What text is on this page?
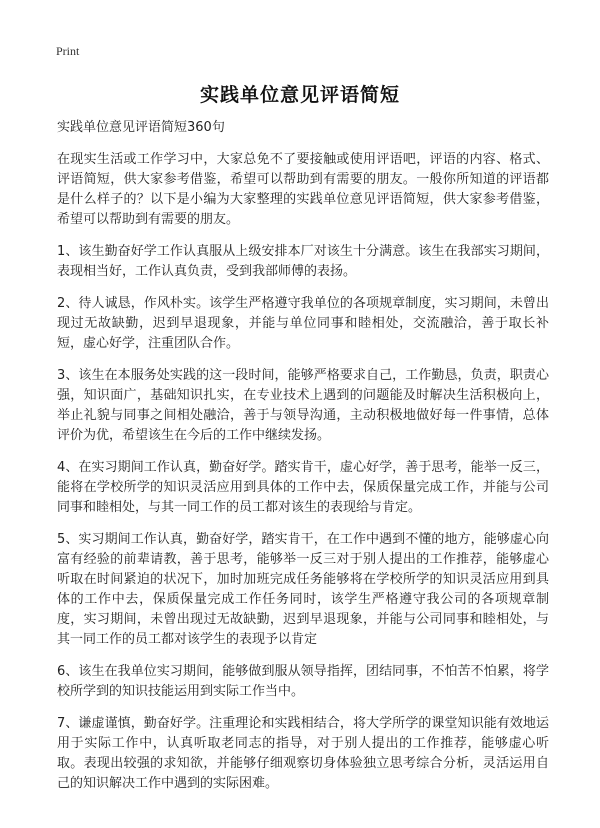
Print
实践单位意见评语简短

实践单位意见评语简短360句

在现实生活或工作学习中，大家总免不了要接触或使用评语吧，评语的内容、格式、评语简短，供大家参考借鉴，希望可以帮助到有需要的朋友。一般你所知道的评语都是什么样子的？以下是小编为大家整理的实践单位意见评语简短，供大家参考借鉴，希望可以帮助到有需要的朋友。

1、该生勤奋好学工作认真服从上级安排本厂对该生十分满意。该生在我部实习期间，表现相当好，工作认真负责，受到我部师傅的表扬。

2、待人诚恳，作风朴实。该学生严格遵守我单位的各项规章制度，实习期间，未曾出现过无故缺勤，迟到早退现象，并能与单位同事和睦相处，交流融洽，善于取长补短，虚心好学，注重团队合作。

3、该生在本服务处实践的这一段时间，能够严格要求自己，工作勤恳，负责，职责心强，知识面广，基础知识扎实，在专业技术上遇到的问题能及时解决生活积极向上，举止礼貌与同事之间相处融洽，善于与领导沟通，主动积极地做好每一件事情，总体评价为优，希望该生在今后的工作中继续发扬。

4、在实习期间工作认真，勤奋好学。踏实肯干，虚心好学，善于思考，能举一反三，能将在学校所学的知识灵活应用到具体的工作中去，保质保量完成工作，并能与公司同事和睦相处，与其一同工作的员工都对该生的表现给与肯定。

5、实习期间工作认真，勤奋好学，踏实肯干，在工作中遇到不懂的地方，能够虚心向富有经验的前辈请教，善于思考，能够举一反三对于别人提出的工作推荐，能够虚心听取在时间紧迫的状况下，加时加班完成任务能够将在学校所学的知识灵活应用到具体的工作中去，保质保量完成工作任务同时，该学生严格遵守我公司的各项规章制度，实习期间，未曾出现过无故缺勤，迟到早退现象，并能与公司同事和睦相处，与其一同工作的员工都对该学生的表现予以肯定

6、该生在我单位实习期间，能够做到服从领导指挥，团结同事，不怕苦不怕累，将学校所学到的知识技能运用到实际工作当中。

7、谦虚谨慎，勤奋好学。注重理论和实践相结合，将大学所学的课堂知识能有效地运用于实际工作中，认真听取老同志的指导，对于别人提出的工作推荐，能够虚心听取。表现出较强的求知欲，并能够仔细观察切身体验独立思考综合分析，灵活运用自己的知识解决工作中遇到的实际困难。
